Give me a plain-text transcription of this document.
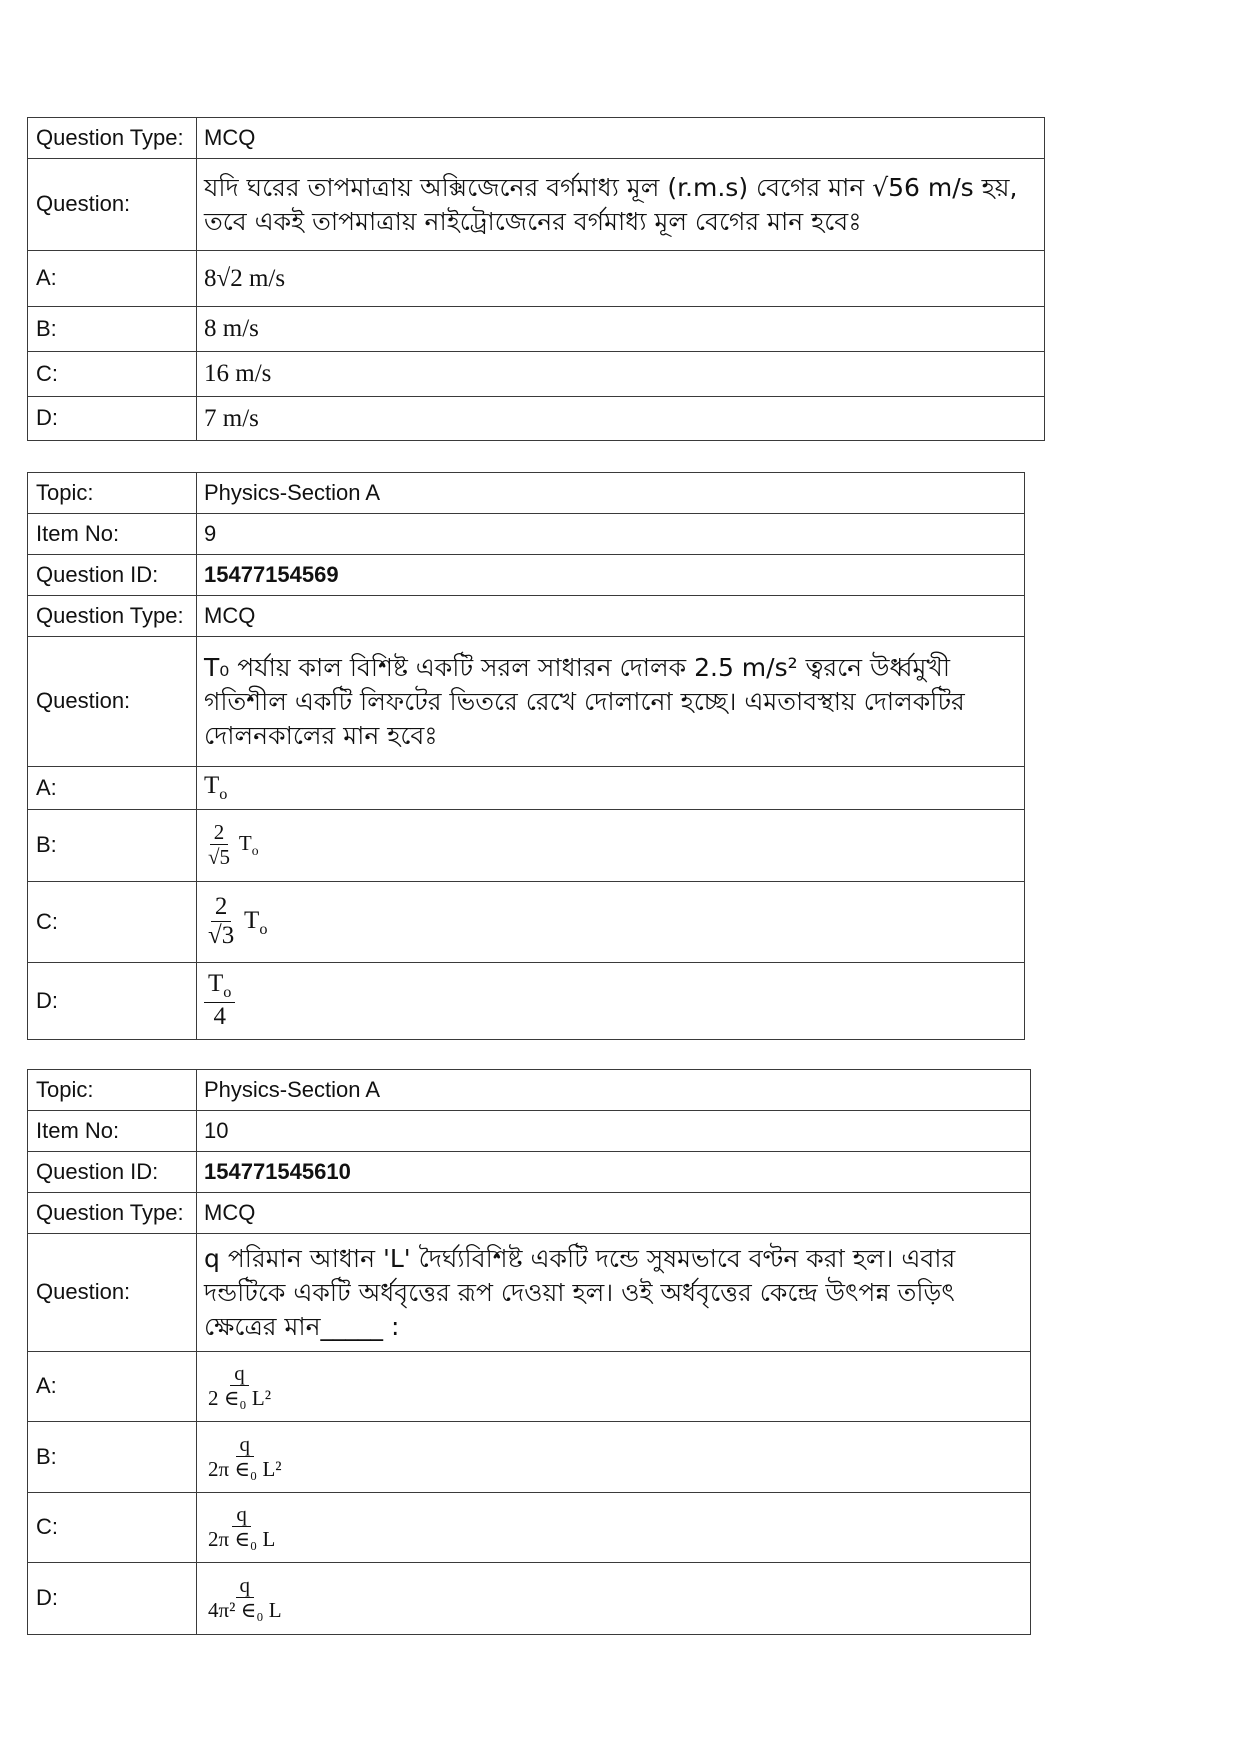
Question Type:	MCQ
Question:	যদি ঘরের তাপমাত্রায় অক্সিজেনের বর্গমাধ্য মূল (r.m.s) বেগের মান √56 m/s হয়,
তবে একই তাপমাত্রায় নাইট্রোজেনের বর্গমাধ্য মূল বেগের মান হবেঃ

A:	8√2 m/s
B:	8 m/s
C:	16 m/s
D:	7 m/s
Topic:	Physics-Section A
Item No:	9
Question ID:	15477154569
Question Type:	MCQ
Question:	T₀ পর্যায় কাল বিশিষ্ট একটি সরল সাধারন দোলক 2.5 m/s² ত্বরনে উর্ধ্বমুখী
গতিশীল একটি লিফটের ভিতরে রেখে দোলানো হচ্ছে। এমতাবস্থায় দোলকটির
দোলনকালের মান হবেঃ

A:	$T_o$
B:	$\frac{2}{√5} T_o$
C:	$\frac{2}{√3} T_o$
D:	$\frac{T_o}{4}$
Topic:	Physics-Section A
Item No:	10
Question ID:	154771545610
Question Type:	MCQ
Question:	q পরিমান আধান 'L' দৈর্ঘ্যবিশিষ্ট একটি দন্ডে সুষমভাবে বণ্টন করা হল। এবার
দন্ডটিকে একটি অর্ধবৃত্তের রূপ দেওয়া হল। ওই অর্ধবৃত্তের কেন্দ্রে উৎপন্ন তড়িৎ
ক্ষেত্রের মান_____ :

A:	$\frac{q}{\text{2 ∈₀ L²}}$

B:	$\frac{q}{\text{2π ∈₀ L²}}$

C:	$\frac{q}{\text{2π ∈₀ L}}$

D:	$\frac{q}{\text{4π² ∈₀ L}}$
